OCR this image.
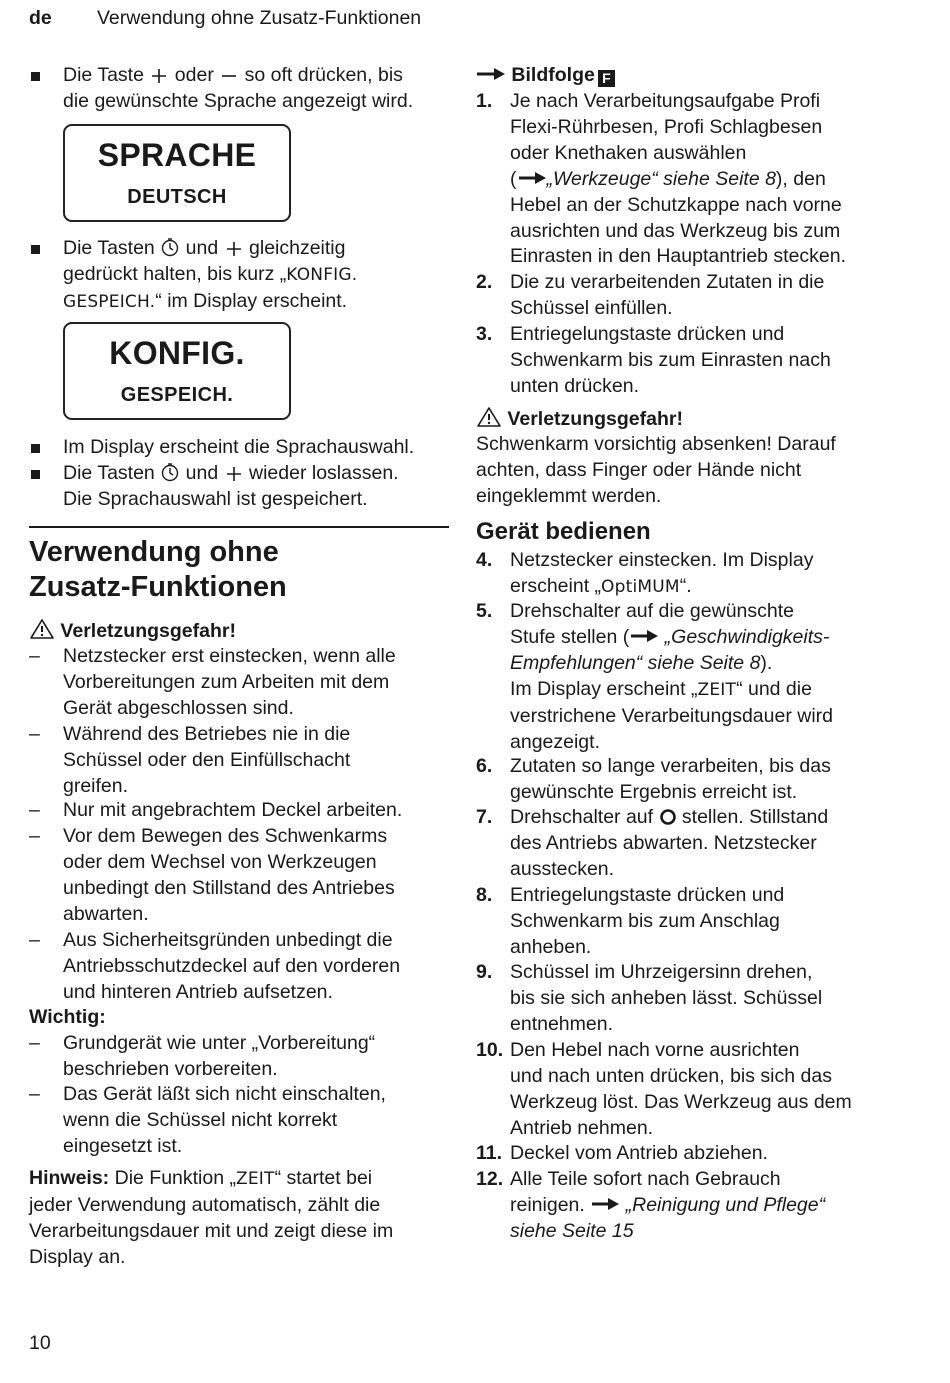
de Verwendung ohne Zusatz-Funktionen
Die Taste oder so oft drücken, bis
die gewünschte Sprache angezeigt wird.
SPRACHE
DEUTSCH
Die Tasten und gleichzeitig
gedrückt halten, bis kurz „KONFIG.
GESPEICH.“ im Display erscheint.
KONFIG.
GESPEICH.
Im Display erscheint die Sprachauswahl.
Die Tasten und wieder loslassen.
Die Sprachauswahl ist gespeichert.
Verwendung ohne
Zusatz-Funktionen
Verletzungsgefahr!
–	Netzstecker erst einstecken, wenn alle
Vorbereitungen zum Arbeiten mit dem
Gerät abgeschlossen sind.
–	Während des Betriebes nie in die
Schüssel oder den Einfüllschacht
greifen.
–	Nur mit angebrachtem Deckel arbeiten.
–	Vor dem Bewegen des Schwenkarms
oder dem Wechsel von Werkzeugen
unbedingt den Stillstand des Antriebes
abwarten.
–	Aus Sicherheitsgründen unbedingt die
Antriebsschutzdeckel auf den vorderen
und hinteren Antrieb aufsetzen.
Wichtig:
–	Grundgerät wie unter „Vorbereitung“
beschrieben vorbereiten.
–	Das Gerät läßt sich nicht einschalten,
wenn die Schüssel nicht korrekt
eingesetzt ist.
Hinweis: Die Funktion „ZEIT“ startet bei
jeder Verwendung automatisch, zählt die
Verarbeitungsdauer mit und zeigt diese im
Display an.
Bildfolge F
1. Je nach Verarbeitungsaufgabe Profi
Flexi-Rührbesen, Profi Schlagbesen
oder Knethaken auswählen
( „Werkzeuge“ siehe Seite 8), den
Hebel an der Schutzkappe nach vorne
ausrichten und das Werkzeug bis zum
Einrasten in den Hauptantrieb stecken.
2. Die zu verarbeitenden Zutaten in die
Schüssel einfüllen.
3. Entriegelungstaste drücken und
Schwenkarm bis zum Einrasten nach
unten drücken.
Verletzungsgefahr!
Schwenkarm vorsichtig absenken! Darauf
achten, dass Finger oder Hände nicht
eingeklemmt werden.
Gerät bedienen
4. Netzstecker einstecken. Im Display
erscheint „OptiMUM“.
5. Drehschalter auf die gewünschte
Stufe stellen ( „Geschwindigkeits-
Empfehlungen“ siehe Seite 8).
Im Display erscheint „ZEIT“ und die
verstrichene Verarbeitungsdauer wird
angezeigt.
6. Zutaten so lange verarbeiten, bis das
gewünschte Ergebnis erreicht ist.
7. Drehschalter auf stellen. Stillstand
des Antriebs abwarten. Netzstecker
ausstecken.
8. Entriegelungstaste drücken und
Schwenkarm bis zum Anschlag
anheben.
9. Schüssel im Uhrzeigersinn drehen,
bis sie sich anheben lässt. Schüssel
entnehmen.
10. Den Hebel nach vorne ausrichten
und nach unten drücken, bis sich das
Werkzeug löst. Das Werkzeug aus dem
Antrieb nehmen.
11. Deckel vom Antrieb abziehen.
12. Alle Teile sofort nach Gebrauch
reinigen.  „Reinigung und Pflege“
siehe Seite 15
10
